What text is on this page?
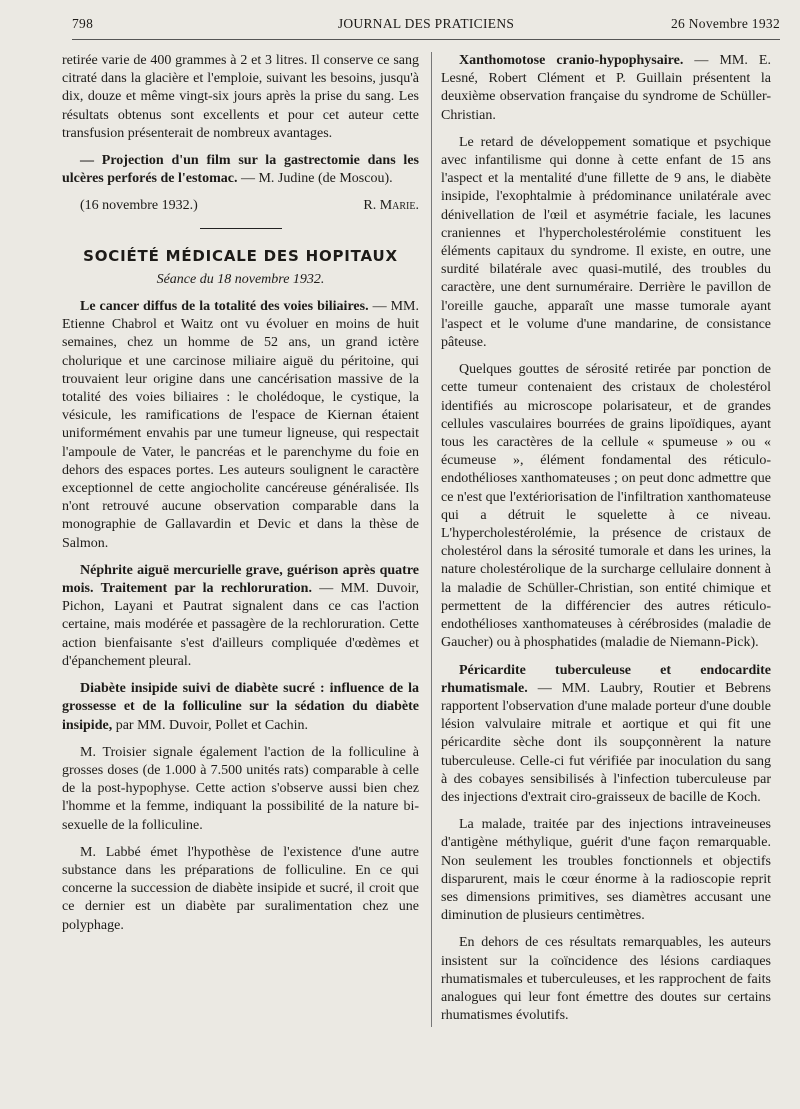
798	JOURNAL DES PRATICIENS	26 Novembre 1932

retirée varie de 400 grammes à 2 et 3 litres. Il conserve ce sang citraté dans la glacière et l'emploie, suivant les besoins, jusqu'à dix, douze et même vingt-six jours après la prise du sang. Les résultats obtenus sont excellents et pour cet auteur cette transfusion présenterait de nombreux avantages.

— Projection d'un film sur la gastrectomie dans les ulcères perforés de l'estomac. — M. Judine (de Moscou).

(16 novembre 1932.)	R. Marie.
SOCIÉTÉ MÉDICALE DES HOPITAUX
Séance du 18 novembre 1932.

Le cancer diffus de la totalité des voies biliaires. — MM. Etienne Chabrol et Waitz ont vu évoluer en moins de huit semaines, chez un homme de 52 ans, un grand ictère cholurique et une carcinose miliaire aiguë du péritoine, qui trouvaient leur origine dans une cancérisation massive de la totalité des voies biliaires : le cholédoque, le cystique, la vésicule, les ramifications de l'espace de Kiernan étaient uniformément envahis par une tumeur ligneuse, qui respectait l'ampoule de Vater, le pancréas et le parenchyme du foie en dehors des espaces portes. Les auteurs soulignent le caractère exceptionnel de cette angiocholite cancéreuse généralisée. Ils n'ont retrouvé aucune observation comparable dans la monographie de Gallavardin et Devic et dans la thèse de Salmon.

Néphrite aiguë mercurielle grave, guérison après quatre mois. Traitement par la rechloruration. — MM. Duvoir, Pichon, Layani et Pautrat signalent dans ce cas l'action certaine, mais modérée et passagère de la rechloruration. Cette action bienfaisante s'est d'ailleurs compliquée d'œdèmes et d'épanchement pleural.

Diabète insipide suivi de diabète sucré : influence de la grossesse et de la folliculine sur la sédation du diabète insipide, par MM. Duvoir, Pollet et Cachin.

M. Troisier signale également l'action de la folliculine à grosses doses (de 1.000 à 7.500 unités rats) comparable à celle de la post-hypophyse. Cette action s'observe aussi bien chez l'homme et la femme, indiquant la possibilité de la nature bi-sexuelle de la folliculine.

M. Labbé émet l'hypothèse de l'existence d'une autre substance dans les préparations de folliculine. En ce qui concerne la succession de diabète insipide et sucré, il croit que ce dernier est un diabète par suralimentation chez une polyphage.

Xanthomotose cranio-hypophysaire. — MM. E. Lesné, Robert Clément et P. Guillain présentent la deuxième observation française du syndrome de Schüller-Christian.

Le retard de développement somatique et psychique avec infantilisme qui donne à cette enfant de 15 ans l'aspect et la mentalité d'une fillette de 9 ans, le diabète insipide, l'exophtalmie à prédominance unilatérale avec dénivellation de l'œil et asymétrie faciale, les lacunes craniennes et l'hypercholestérolémie constituent les éléments capitaux du syndrome. Il existe, en outre, une surdité bilatérale avec quasi-mutilé, des troubles du caractère, une dent surnuméraire. Derrière le pavillon de l'oreille gauche, apparaît une masse tumorale ayant l'aspect et le volume d'une mandarine, de consistance pâteuse.

Quelques gouttes de sérosité retirée par ponction de cette tumeur contenaient des cristaux de cholestérol identifiés au microscope polarisateur, et de grandes cellules vasculaires bourrées de grains lipoïdiques, ayant tous les caractères de la cellule « spumeuse » ou « écumeuse », élément fondamental des réticulo-endothélioses xanthomateuses ; on peut donc admettre que ce n'est que l'extériorisation de l'infiltration xanthomateuse qui a détruit le squelette à ce niveau. L'hypercholestérolémie, la présence de cristaux de cholestérol dans la sérosité tumorale et dans les urines, la nature cholestérolique de la surcharge cellulaire donnent à la maladie de Schüller-Christian, son entité chimique et permettent de la différencier des autres réticulo-endothélioses xanthomateuses à cérébrosides (maladie de Gaucher) ou à phosphatides (maladie de Niemann-Pick).

Péricardite tuberculeuse et endocardite rhumatismale. — MM. Laubry, Routier et Bebrens rapportent l'observation d'une malade porteur d'une double lésion valvulaire mitrale et aortique et qui fit une péricardite sèche dont ils soupçonnèrent la nature tuberculeuse. Celle-ci fut vérifiée par inoculation du sang à des cobayes sensibilisés à l'infection tuberculeuse par des injections d'extrait ciro-graisseux de bacille de Koch.

La malade, traitée par des injections intraveineuses d'antigène méthylique, guérit d'une façon remarquable. Non seulement les troubles fonctionnels et objectifs disparurent, mais le cœur énorme à la radioscopie reprit ses dimensions primitives, ses diamètres accusant une diminution de plusieurs centimètres.

En dehors de ces résultats remarquables, les auteurs insistent sur la coïncidence des lésions cardiaques rhumatismales et tuberculeuses, et les rapprochent de faits analogues qui leur font émettre des doutes sur certains rhumatismes évolutifs.
